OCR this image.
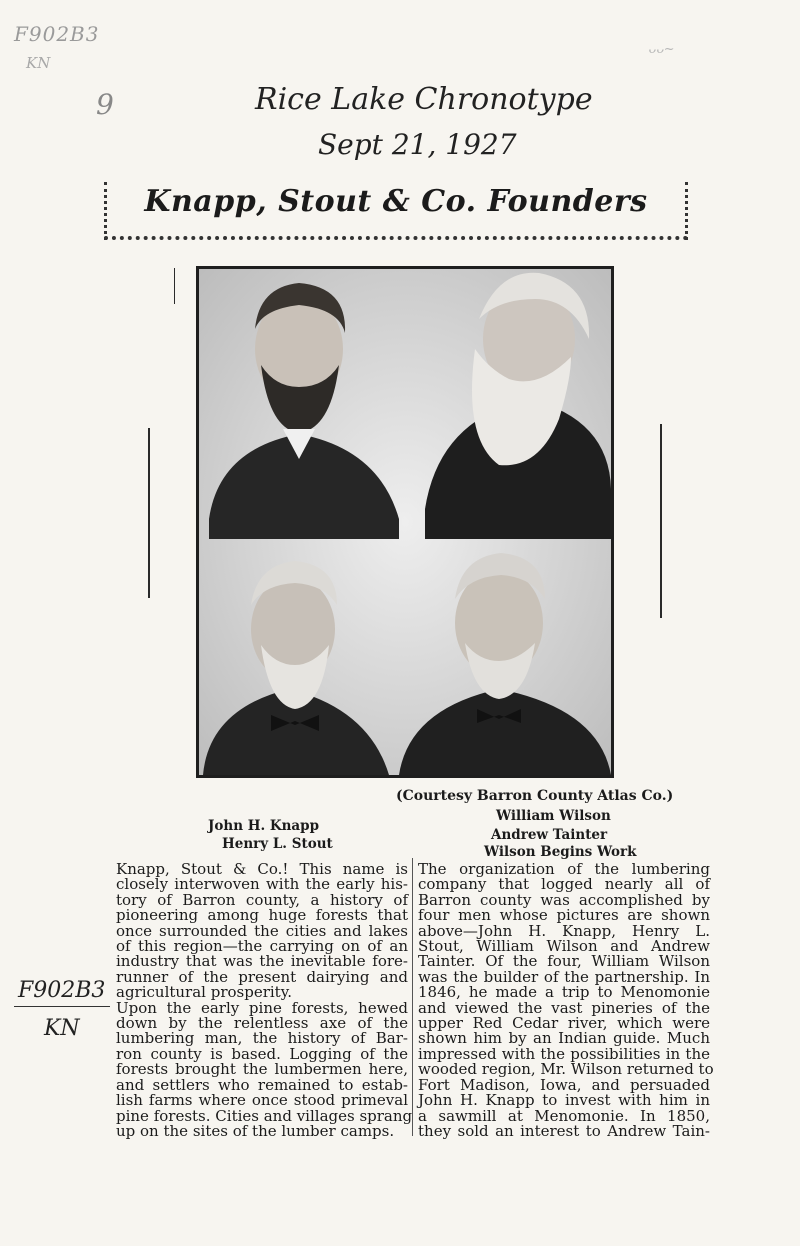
F902B3
KN
ᴗᴗ~
9	Rice Lake Chronotype
Sept 21, 1927
Knapp, Stout & Co. Founders
(Courtesy Barron County Atlas Co.)
John H. Knapp
Henry L. Stout
William Wilson
Andrew Tainter
Wilson Begins Work
Knapp, Stout & Co.! This name is
closely interwoven with the early his-
tory of Barron county, a history of
pioneering among huge forests that
once surrounded the cities and lakes
of this region—the carrying on of an
industry that was the inevitable fore-
runner of the present dairying and
agricultural prosperity.
Upon the early pine forests, hewed
down by the relentless axe of the
lumbering man, the history of Bar-
ron county is based. Logging of the
forests brought the lumbermen here,
and settlers who remained to estab-
lish farms where once stood primeval
pine forests. Cities and villages sprang
up on the sites of the lumber camps.
The organization of the lumbering
company that logged nearly all of
Barron county was accomplished by
four men whose pictures are shown
above—John H. Knapp, Henry L.
Stout, William Wilson and Andrew
Tainter. Of the four, William Wilson
was the builder of the partnership. In
1846, he made a trip to Menomonie
and viewed the vast pineries of the
upper Red Cedar river, which were
shown him by an Indian guide. Much
impressed with the possibilities in the
wooded region, Mr. Wilson returned to
Fort Madison, Iowa, and persuaded
John H. Knapp to invest with him in
a sawmill at Menomonie. In 1850,
they sold an interest to Andrew Tain-
F902B3
KN
